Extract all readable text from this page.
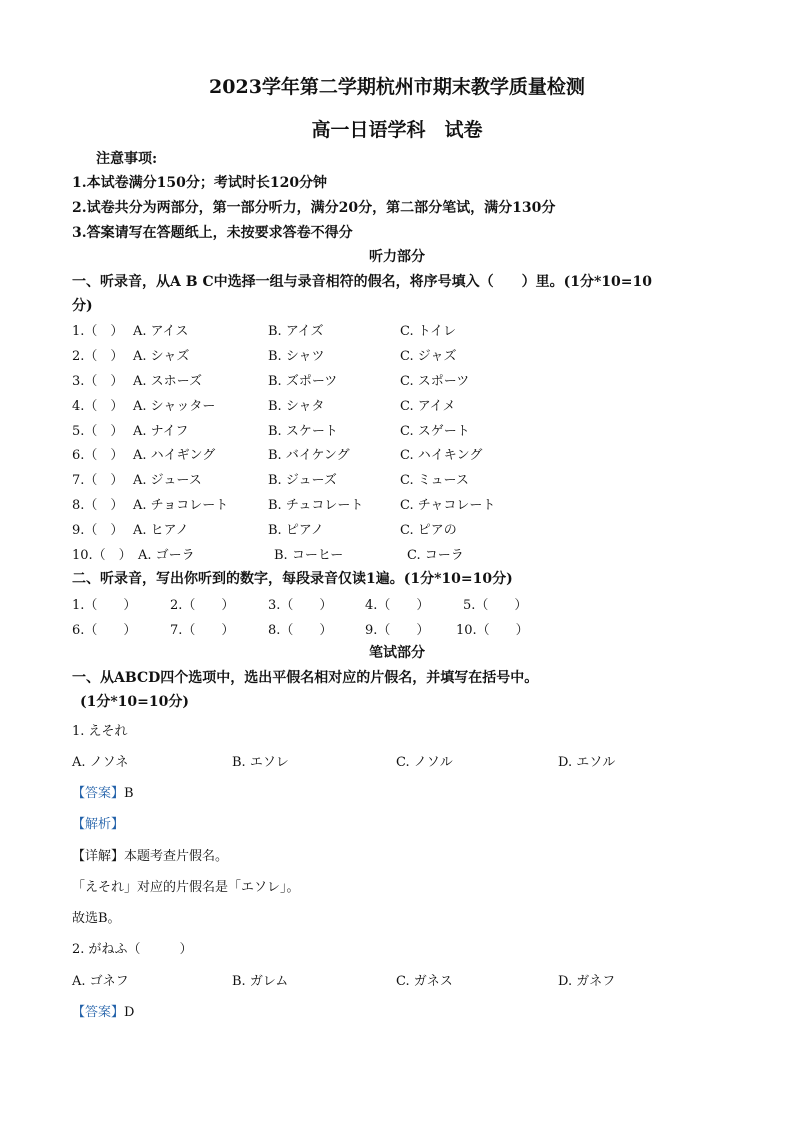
2023学年第二学期杭州市期末教学质量检测
高一日语学科　试卷
注意事项:
1.本试卷满分150分；考试时长120分钟
2.试卷共分为两部分，第一部分听力，满分20分，第二部分笔试，满分130分
3.答案请写在答题纸上，未按要求答卷不得分
听力部分
一、听录音，从A B C中选择一组与录音相符的假名，将序号填入（　　）里。(1分*10=10
分)
1.（　） A. アイス	B. アイズ	C. トイレ
2.（　） A. シャズ	B. シャツ	C. ジャズ
3.（　） A. スホーズ	B. ズポーツ	C. スポーツ
4.（　） A. シャッター	B. シャタ	C. アイメ
5.（　） A. ナイフ	B. スケート	C. スゲート
6.（　） A. ハイギング	B. バイケング	C. ハイキング
7.（　） A. ジュース	B. ジューズ	C. ミュース
8.（　） A. チョコレート	B. チュコレート	C. チャコレート
9.（　） A. ヒアノ	B. ピアノ	C. ピアの
10.（　） A. ゴーラ	B. コーヒー	C. コーラ
二、听录音，写出你听到的数字，每段录音仅读1遍。(1分*10=10分)
1.（　　）	2.（　　）	3.（　　）	4.（　　）	5.（　　）
6.（　　）	7.（　　）	8.（　　）	9.（　　） 10.（　　）
笔试部分
一、从ABCD四个选项中，选出平假名相对应的片假名，并填写在括号中。
(1分*10=10分)
1. えそれ
A. ノソネ	B. エソレ	C. ノソル	D. エソル
【答案】B
【解析】
【详解】本题考查片假名。
「えそれ」对应的片假名是「エソレ」。
故选B。
2. がねふ（　　　）
A. ゴネフ	B. ガレム	C. ガネス	D. ガネフ
【答案】D
